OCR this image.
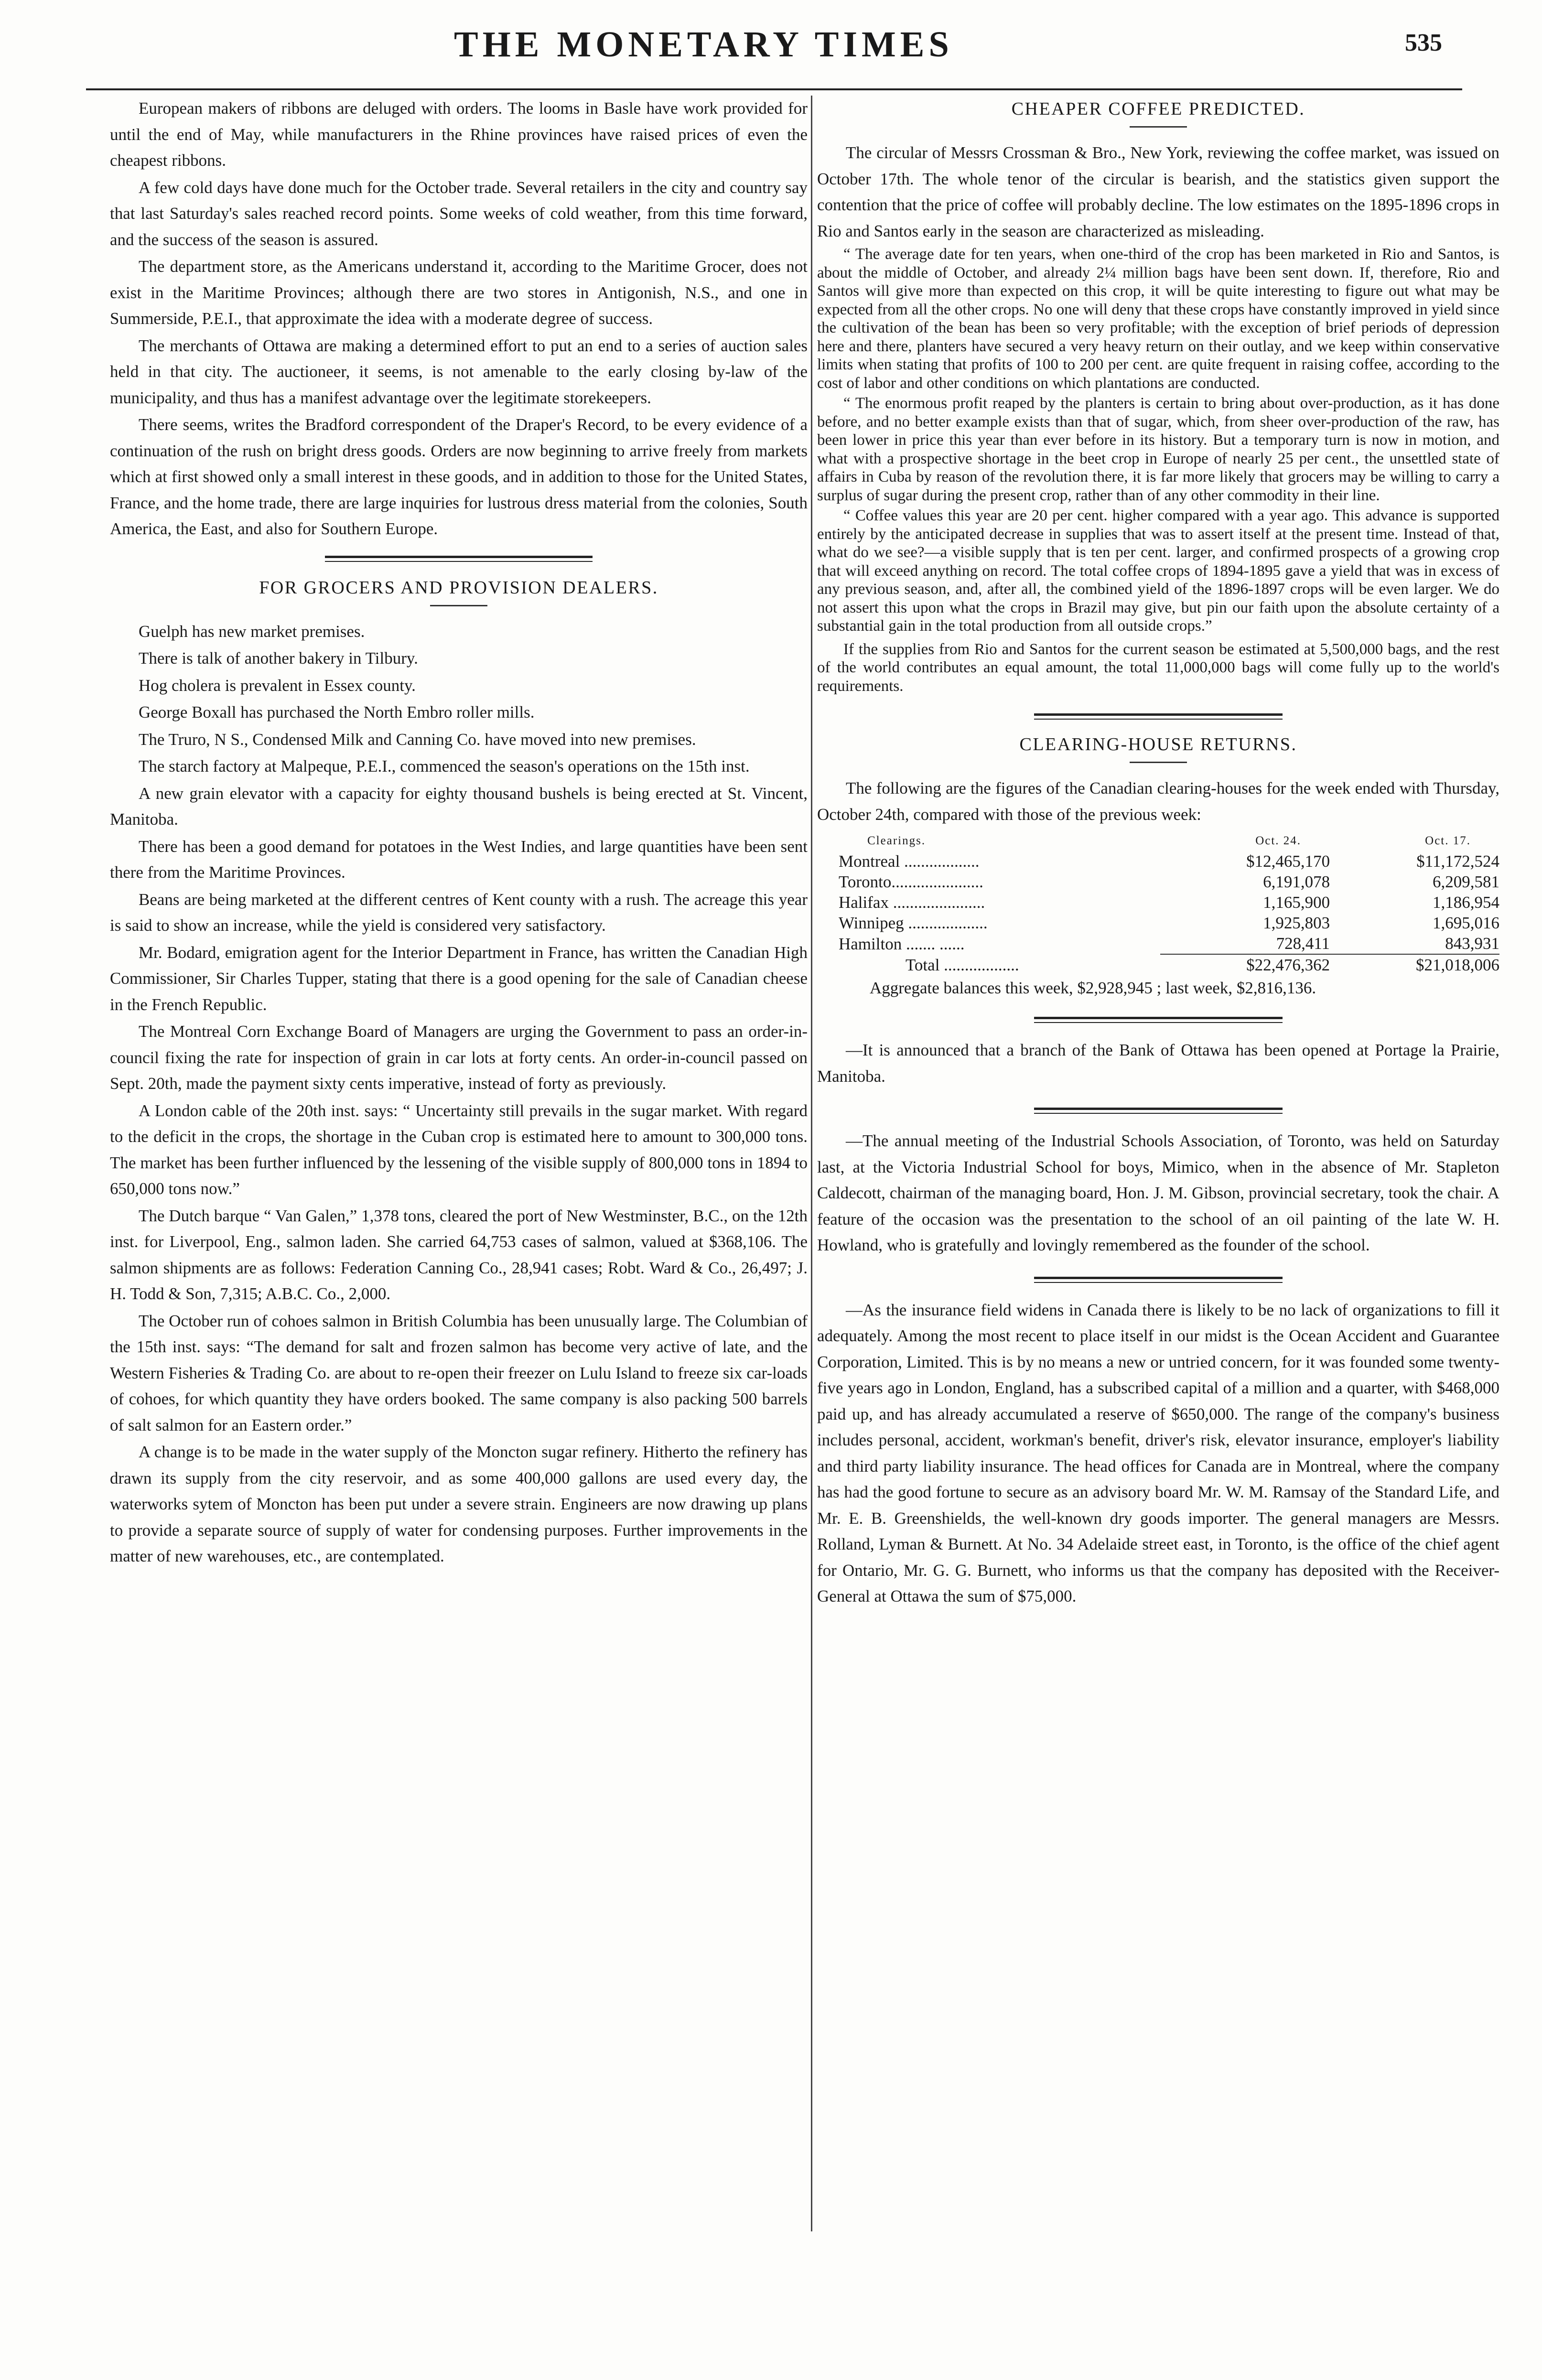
THE MONETARY TIMES	535

European makers of ribbons are deluged with orders. The looms in Basle have work provided for until the end of May, while manufacturers in the Rhine provinces have raised prices of even the cheapest ribbons.

A few cold days have done much for the October trade. Several retailers in the city and country say that last Saturday's sales reached record points. Some weeks of cold weather, from this time forward, and the success of the season is assured.

The department store, as the Americans understand it, according to the Maritime Grocer, does not exist in the Maritime Provinces; although there are two stores in Antigonish, N.S., and one in Summerside, P.E.I., that approximate the idea with a moderate degree of success.

The merchants of Ottawa are making a determined effort to put an end to a series of auction sales held in that city. The auctioneer, it seems, is not amenable to the early closing by-law of the municipality, and thus has a manifest advantage over the legitimate storekeepers.

There seems, writes the Bradford correspondent of the Draper's Record, to be every evidence of a continuation of the rush on bright dress goods. Orders are now beginning to arrive freely from markets which at first showed only a small interest in these goods, and in addition to those for the United States, France, and the home trade, there are large inquiries for lustrous dress material from the colonies, South America, the East, and also for Southern Europe.

FOR GROCERS AND PROVISION DEALERS.

Guelph has new market premises.

There is talk of another bakery in Tilbury.

Hog cholera is prevalent in Essex county.

George Boxall has purchased the North Embro roller mills.

The Truro, N S., Condensed Milk and Canning Co. have moved into new premises.

The starch factory at Malpeque, P.E.I., commenced the season's operations on the 15th inst.

A new grain elevator with a capacity for eighty thousand bushels is being erected at St. Vincent, Manitoba.

There has been a good demand for potatoes in the West Indies, and large quantities have been sent there from the Maritime Provinces.

Beans are being marketed at the different centres of Kent county with a rush. The acreage this year is said to show an increase, while the yield is considered very satisfactory.

Mr. Bodard, emigration agent for the Interior Department in France, has written the Canadian High Commissioner, Sir Charles Tupper, stating that there is a good opening for the sale of Canadian cheese in the French Republic.

The Montreal Corn Exchange Board of Managers are urging the Government to pass an order-in-council fixing the rate for inspection of grain in car lots at forty cents. An order-in-council passed on Sept. 20th, made the payment sixty cents imperative, instead of forty as previously.

A London cable of the 20th inst. says: “ Uncertainty still prevails in the sugar market. With regard to the deficit in the crops, the shortage in the Cuban crop is estimated here to amount to 300,000 tons. The market has been further influenced by the lessening of the visible supply of 800,000 tons in 1894 to 650,000 tons now.”

The Dutch barque “ Van Galen,” 1,378 tons, cleared the port of New Westminster, B.C., on the 12th inst. for Liverpool, Eng., salmon laden. She carried 64,753 cases of salmon, valued at $368,106. The salmon shipments are as follows: Federation Canning Co., 28,941 cases; Robt. Ward & Co., 26,497; J. H. Todd & Son, 7,315; A.B.C. Co., 2,000.

The October run of cohoes salmon in British Columbia has been unusually large. The Columbian of the 15th inst. says: “The demand for salt and frozen salmon has become very active of late, and the Western Fisheries & Trading Co. are about to re-open their freezer on Lulu Island to freeze six car-loads of cohoes, for which quantity they have orders booked. The same company is also packing 500 barrels of salt salmon for an Eastern order.”

A change is to be made in the water supply of the Moncton sugar refinery. Hitherto the refinery has drawn its supply from the city reservoir, and as some 400,000 gallons are used every day, the waterworks sytem of Moncton has been put under a severe strain. Engineers are now drawing up plans to provide a separate source of supply of water for condensing purposes. Further improvements in the matter of new warehouses, etc., are contemplated.

CHEAPER COFFEE PREDICTED.

The circular of Messrs Crossman & Bro., New York, reviewing the coffee market, was issued on October 17th. The whole tenor of the circular is bearish, and the statistics given support the contention that the price of coffee will probably decline. The low estimates on the 1895-1896 crops in Rio and Santos early in the season are characterized as misleading.

“ The average date for ten years, when one-third of the crop has been marketed in Rio and Santos, is about the middle of October, and already 2¼ million bags have been sent down. If, therefore, Rio and Santos will give more than expected on this crop, it will be quite interesting to figure out what may be expected from all the other crops. No one will deny that these crops have constantly improved in yield since the cultivation of the bean has been so very profitable; with the exception of brief periods of depression here and there, planters have secured a very heavy return on their outlay, and we keep within conservative limits when stating that profits of 100 to 200 per cent. are quite frequent in raising coffee, according to the cost of labor and other conditions on which plantations are conducted.

“ The enormous profit reaped by the planters is certain to bring about over-production, as it has done before, and no better example exists than that of sugar, which, from sheer over-production of the raw, has been lower in price this year than ever before in its history. But a temporary turn is now in motion, and what with a prospective shortage in the beet crop in Europe of nearly 25 per cent., the unsettled state of affairs in Cuba by reason of the revolution there, it is far more likely that grocers may be willing to carry a surplus of sugar during the present crop, rather than of any other commodity in their line.

“ Coffee values this year are 20 per cent. higher compared with a year ago. This advance is supported entirely by the anticipated decrease in supplies that was to assert itself at the present time. Instead of that, what do we see?—a visible supply that is ten per cent. larger, and confirmed prospects of a growing crop that will exceed anything on record. The total coffee crops of 1894-1895 gave a yield that was in excess of any previous season, and, after all, the combined yield of the 1896-1897 crops will be even larger. We do not assert this upon what the crops in Brazil may give, but pin our faith upon the absolute certainty of a substantial gain in the total production from all outside crops.”

If the supplies from Rio and Santos for the current season be estimated at 5,500,000 bags, and the rest of the world contributes an equal amount, the total 11,000,000 bags will come fully up to the world's requirements.

CLEARING-HOUSE RETURNS.

The following are the figures of the Canadian clearing-houses for the week ended with Thursday, October 24th, compared with those of the previous week:

Clearings.	Oct. 24.	Oct. 17.
Montreal ..................	$12,465,170	$11,172,524
Toronto......................	6,191,078	6,209,581
Halifax ......................	1,165,900	1,186,954
Winnipeg ...................	1,925,803	1,695,016
Hamilton ....... ......	728,411	843,931
Total ..................	$22,476,362	$21,018,006
Aggregate balances this week, $2,928,945 ; last week, $2,816,136.

—It is announced that a branch of the Bank of Ottawa has been opened at Portage la Prairie, Manitoba.

—The annual meeting of the Industrial Schools Association, of Toronto, was held on Saturday last, at the Victoria Industrial School for boys, Mimico, when in the absence of Mr. Stapleton Caldecott, chairman of the managing board, Hon. J. M. Gibson, provincial secretary, took the chair. A feature of the occasion was the presentation to the school of an oil painting of the late W. H. Howland, who is gratefully and lovingly remembered as the founder of the school.

—As the insurance field widens in Canada there is likely to be no lack of organizations to fill it adequately. Among the most recent to place itself in our midst is the Ocean Accident and Guarantee Corporation, Limited. This is by no means a new or untried concern, for it was founded some twenty-five years ago in London, England, has a subscribed capital of a million and a quarter, with $468,000 paid up, and has already accumulated a reserve of $650,000. The range of the company's business includes personal, accident, workman's benefit, driver's risk, elevator insurance, employer's liability and third party liability insurance. The head offices for Canada are in Montreal, where the company has had the good fortune to secure as an advisory board Mr. W. M. Ramsay of the Standard Life, and Mr. E. B. Greenshields, the well-known dry goods importer. The general managers are Messrs. Rolland, Lyman & Burnett. At No. 34 Adelaide street east, in Toronto, is the office of the chief agent for Ontario, Mr. G. G. Burnett, who informs us that the company has deposited with the Receiver-General at Ottawa the sum of $75,000.
